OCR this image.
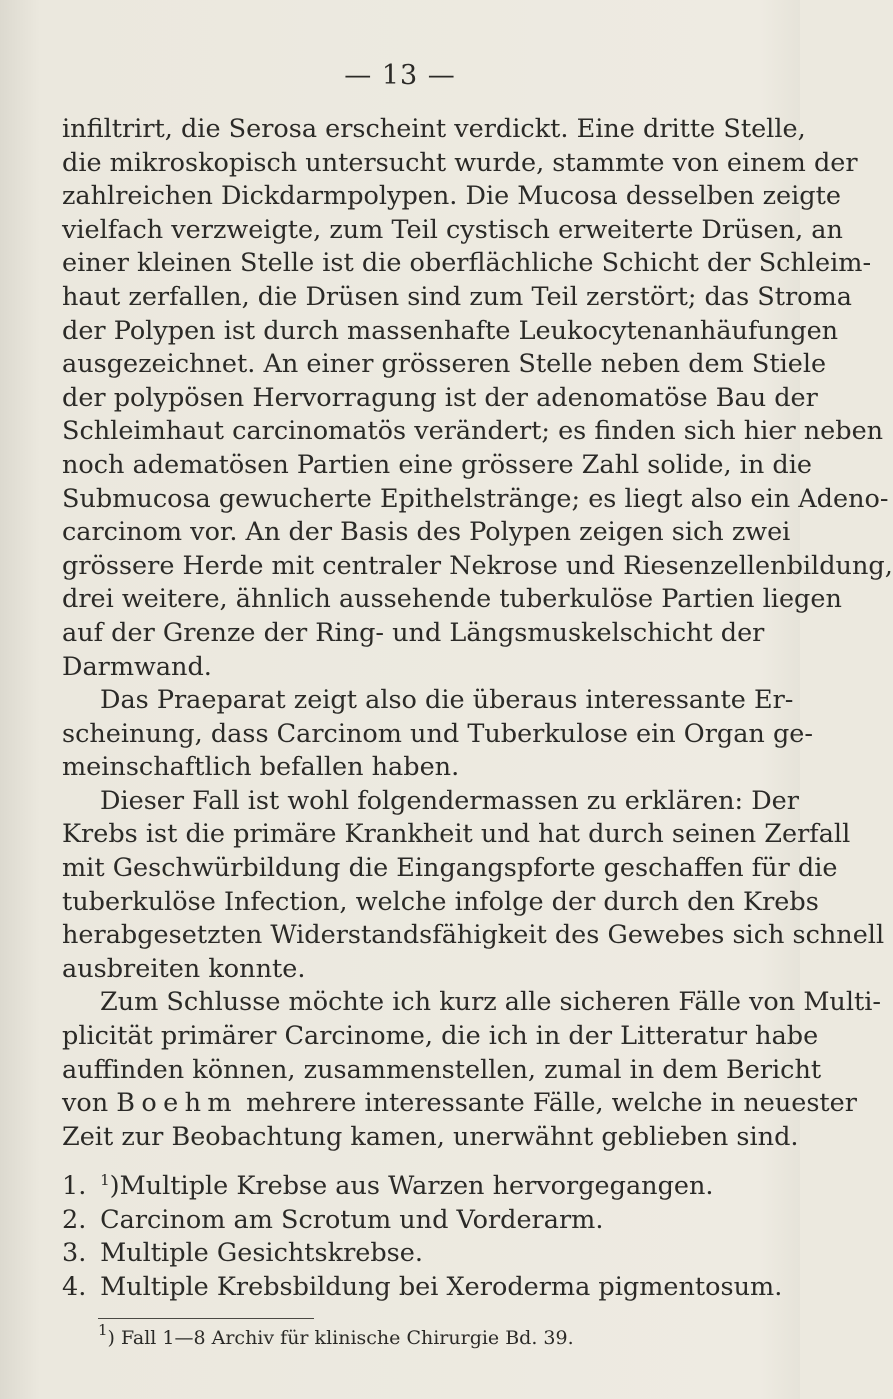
— 13 —
infiltrirt, die Serosa erscheint verdickt. Eine dritte Stelle,
die mikroskopisch untersucht wurde, stammte von einem der
zahlreichen Dickdarmpolypen. Die Mucosa desselben zeigte
vielfach verzweigte, zum Teil cystisch erweiterte Drüsen, an
einer kleinen Stelle ist die oberflächliche Schicht der Schleim-
haut zerfallen, die Drüsen sind zum Teil zerstört; das Stroma
der Polypen ist durch massenhafte Leukocytenanhäufungen
ausgezeichnet. An einer grösseren Stelle neben dem Stiele
der polypösen Hervorragung ist der adenomatöse Bau der
Schleimhaut carcinomatös verändert; es finden sich hier neben
noch adematösen Partien eine grössere Zahl solide, in die
Submucosa gewucherte Epithelstränge; es liegt also ein Adeno-
carcinom vor. An der Basis des Polypen zeigen sich zwei
grössere Herde mit centraler Nekrose und Riesenzellenbildung,
drei weitere, ähnlich aussehende tuberkulöse Partien liegen
auf der Grenze der Ring- und Längsmuskelschicht der
Darmwand.
Das Praeparat zeigt also die überaus interessante Er-
scheinung, dass Carcinom und Tuberkulose ein Organ ge-
meinschaftlich befallen haben.
Dieser Fall ist wohl folgendermassen zu erklären: Der
Krebs ist die primäre Krankheit und hat durch seinen Zerfall
mit Geschwürbildung die Eingangspforte geschaffen für die
tuberkulöse Infection, welche infolge der durch den Krebs
herabgesetzten Widerstandsfähigkeit des Gewebes sich schnell
ausbreiten konnte.
Zum Schlusse möchte ich kurz alle sicheren Fälle von Multi-
plicität primärer Carcinome, die ich in der Litteratur habe
auffinden können, zusammenstellen, zumal in dem Bericht
von Boehm mehrere interessante Fälle, welche in neuester
Zeit zur Beobachtung kamen, unerwähnt geblieben sind.
1. $^1$)Multiple Krebse aus Warzen hervorgegangen.
2. Carcinom am Scrotum und Vorderarm.
3. Multiple Gesichtskrebse.
4. Multiple Krebsbildung bei Xeroderma pigmentosum.
$^1$) Fall 1—8 Archiv für klinische Chirurgie Bd. 39.
